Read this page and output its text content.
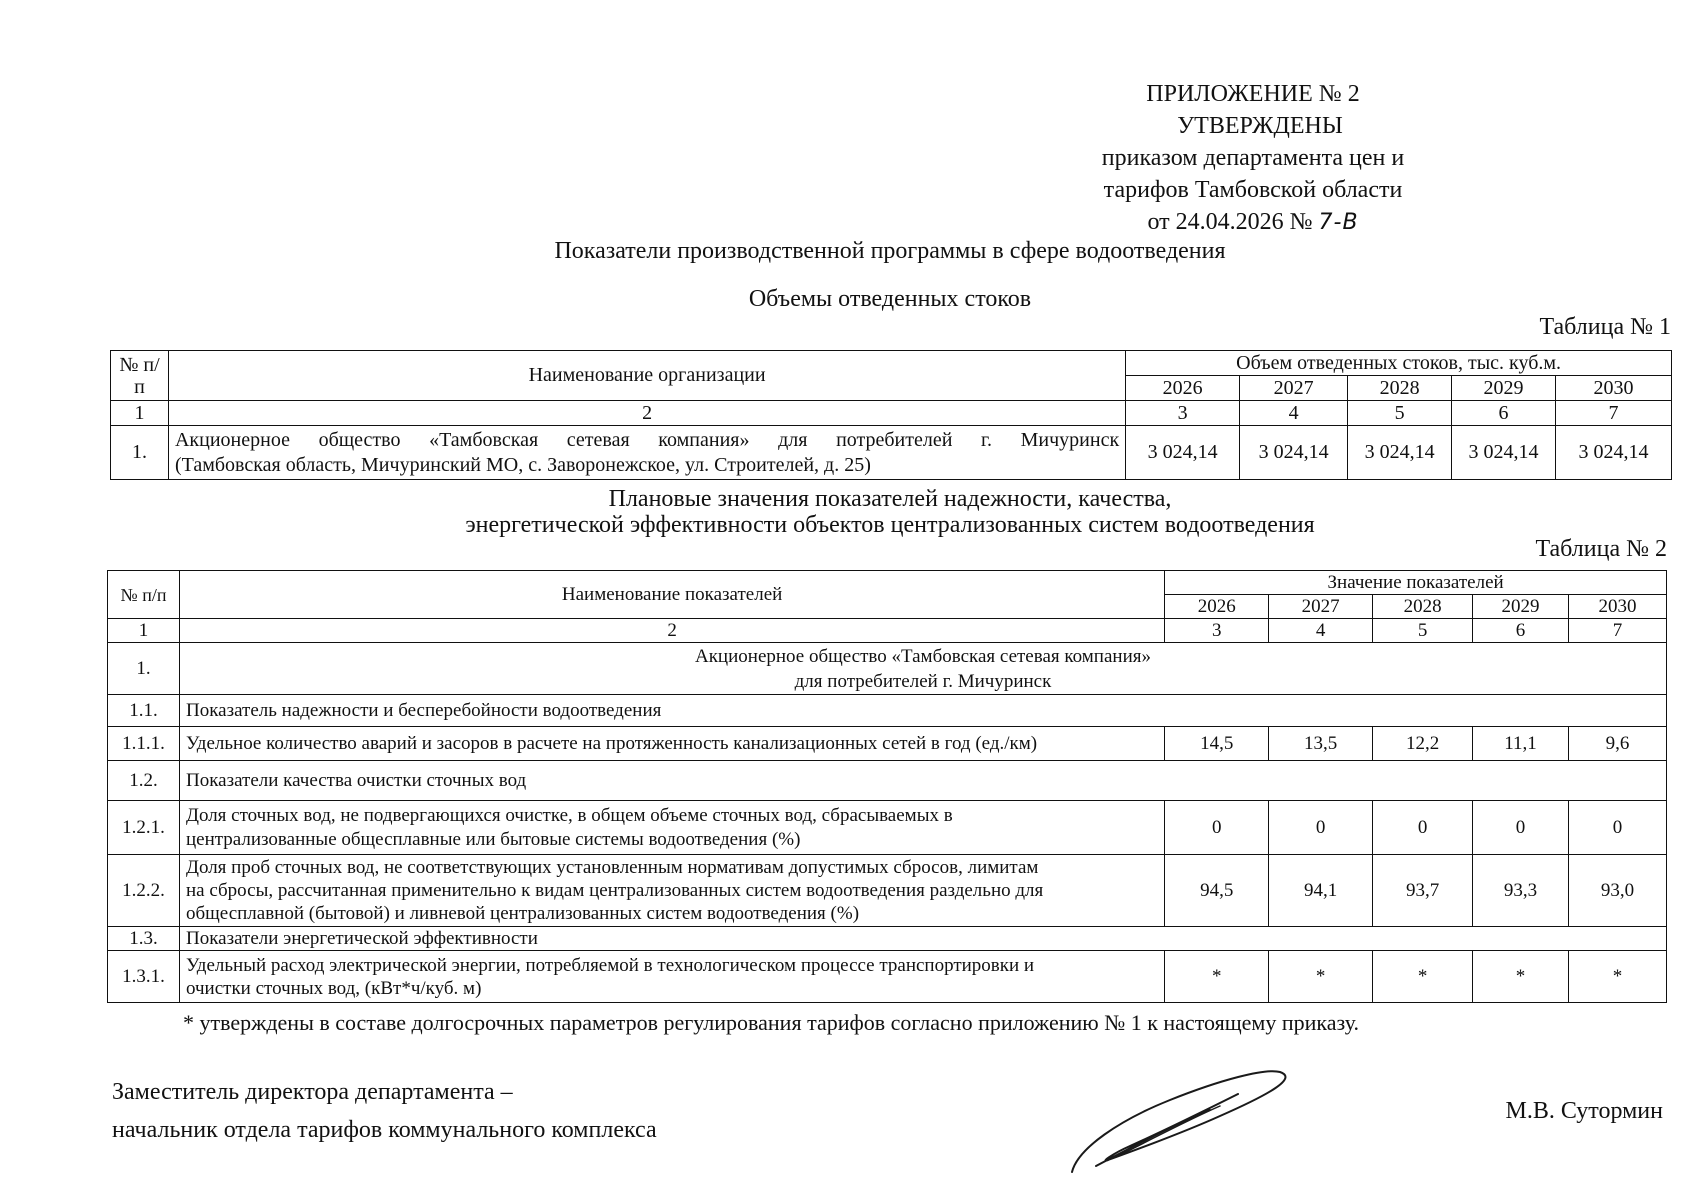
ПРИЛОЖЕНИЕ № 2
УТВЕРЖДЕНЫ
приказом департамента цен и
тарифов Тамбовской области
от 24.04.2026 № 7-В
Показатели производственной программы в сфере водоотведения
Объемы отведенных стоков
Таблица № 1
№ п/п	Наименование организации	Объем отведенных стоков, тыс. куб.м.				
		2026	2027	2028	2029	2030
1	2	3	4	5	6	7
1.	Акционерное общество «Тамбовская сетевая компания» для потребителей г. Мичуринск
(Тамбовская область, Мичуринский МО, с. Заворонежское, ул. Строителей, д. 25)	3 024,14	3 024,14	3 024,14	3 024,14	3 024,14
Плановые значения показателей надежности, качества,
энергетической эффективности объектов централизованных систем водоотведения
Таблица № 2
№ п/п	Наименование показателей	Значение показателей				
		2026	2027	2028	2029	2030
1	2	3	4	5	6	7
1.	Акционерное общество «Тамбовская сетевая компания»
для потребителей г. Мичуринск					

1.1.	Показатель надежности и бесперебойности водоотведения					
1.1.1.	Удельное количество аварий и засоров в расчете на протяженность канализационных сетей в год (ед./км)	14,5	13,5	12,2	11,1	9,6
1.2.	Показатели качества очистки сточных вод					
1.2.1.	Доля сточных вод, не подвергающихся очистке, в общем объеме сточных вод, сбрасываемых в
централизованные общесплавные или бытовые системы водоотведения (%)	0	0	0	0	0
1.2.2.	Доля проб сточных вод, не соответствующих установленным нормативам допустимых сбросов, лимитам
на сбросы, рассчитанная применительно к видам централизованных систем водоотведения раздельно для
общесплавной (бытовой) и ливневой централизованных систем водоотведения (%)	94,5	94,1	93,7	93,3	93,0
1.3.	Показатели энергетической эффективности					
1.3.1.	Удельный расход электрической энергии, потребляемой в технологическом процессе транспортировки и
очистки сточных вод, (кВт*ч/куб. м)	*	*	*	*	*
* утверждены в составе долгосрочных параметров регулирования тарифов согласно приложению № 1 к настоящему приказу.
Заместитель директора департамента –
начальник отдела тарифов коммунального комплекса
М.В. Сутормин
